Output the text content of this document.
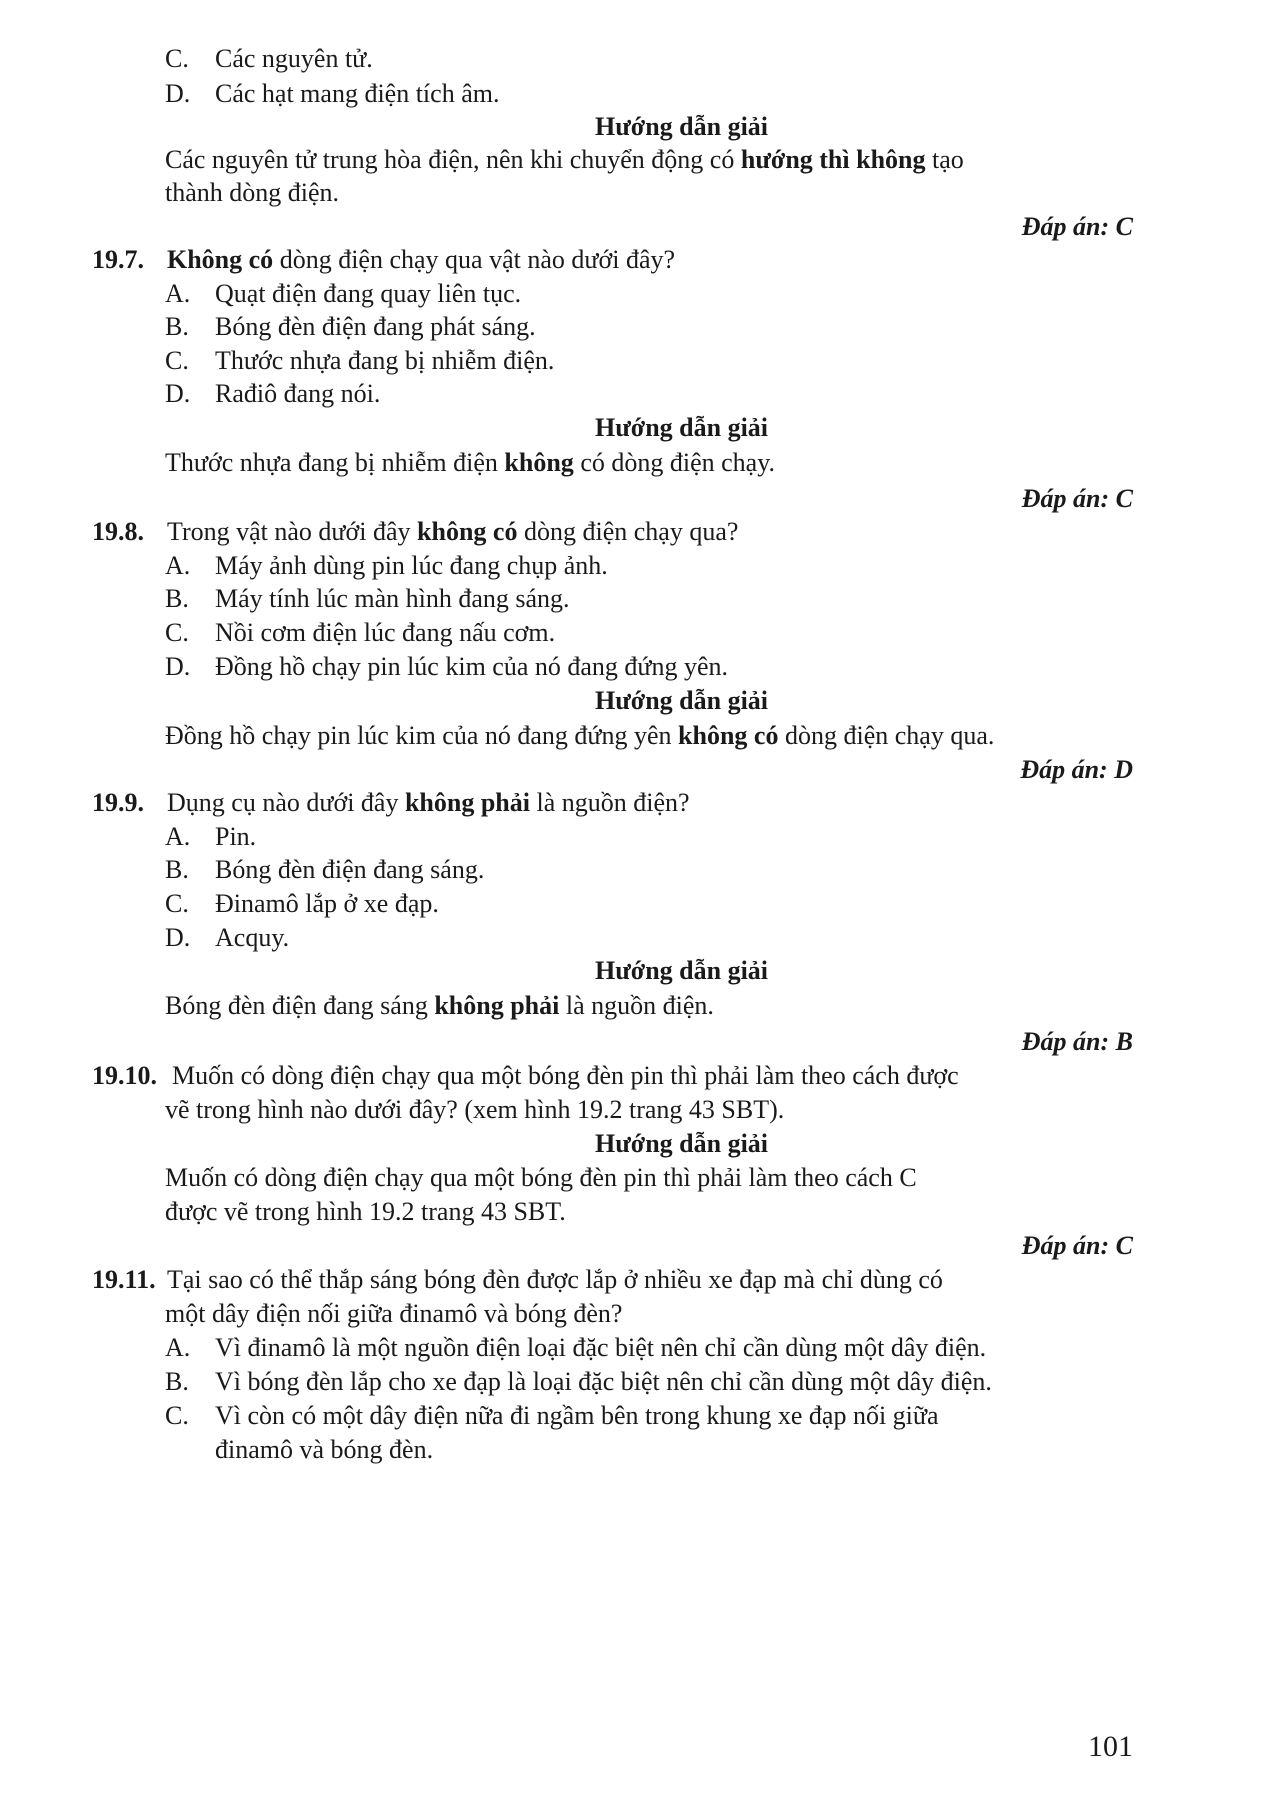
C. Các nguyên tử.
D. Các hạt mang điện tích âm.
Hướng dẫn giải
Các nguyên tử trung hòa điện, nên khi chuyển động có hướng thì không tạo
thành dòng điện.
Đáp án: C
19.7. Không có dòng điện chạy qua vật nào dưới đây?
A. Quạt điện đang quay liên tục.
B. Bóng đèn điện đang phát sáng.
C. Thước nhựa đang bị nhiễm điện.
D. Rađiô đang nói.
Hướng dẫn giải
Thước nhựa đang bị nhiễm điện không có dòng điện chạy.
Đáp án: C
19.8. Trong vật nào dưới đây không có dòng điện chạy qua?
A. Máy ảnh dùng pin lúc đang chụp ảnh.
B. Máy tính lúc màn hình đang sáng.
C. Nồi cơm điện lúc đang nấu cơm.
D. Đồng hồ chạy pin lúc kim của nó đang đứng yên.
Hướng dẫn giải
Đồng hồ chạy pin lúc kim của nó đang đứng yên không có dòng điện chạy qua.
Đáp án: D
19.9. Dụng cụ nào dưới đây không phải là nguồn điện?
A. Pin.
B. Bóng đèn điện đang sáng.
C. Đinamô lắp ở xe đạp.
D. Acquy.
Hướng dẫn giải
Bóng đèn điện đang sáng không phải là nguồn điện.
Đáp án: B
19.10. Muốn có dòng điện chạy qua một bóng đèn pin thì phải làm theo cách được
vẽ trong hình nào dưới đây? (xem hình 19.2 trang 43 SBT).
Hướng dẫn giải
Muốn có dòng điện chạy qua một bóng đèn pin thì phải làm theo cách C
được vẽ trong hình 19.2 trang 43 SBT.
Đáp án: C
19.11. Tại sao có thể thắp sáng bóng đèn được lắp ở nhiều xe đạp mà chỉ dùng có
một dây điện nối giữa đinamô và bóng đèn?
A. Vì đinamô là một nguồn điện loại đặc biệt nên chỉ cần dùng một dây điện.
B. Vì bóng đèn lắp cho xe đạp là loại đặc biệt nên chỉ cần dùng một dây điện.
C. Vì còn có một dây điện nữa đi ngầm bên trong khung xe đạp nối giữa
đinamô và bóng đèn.
101
